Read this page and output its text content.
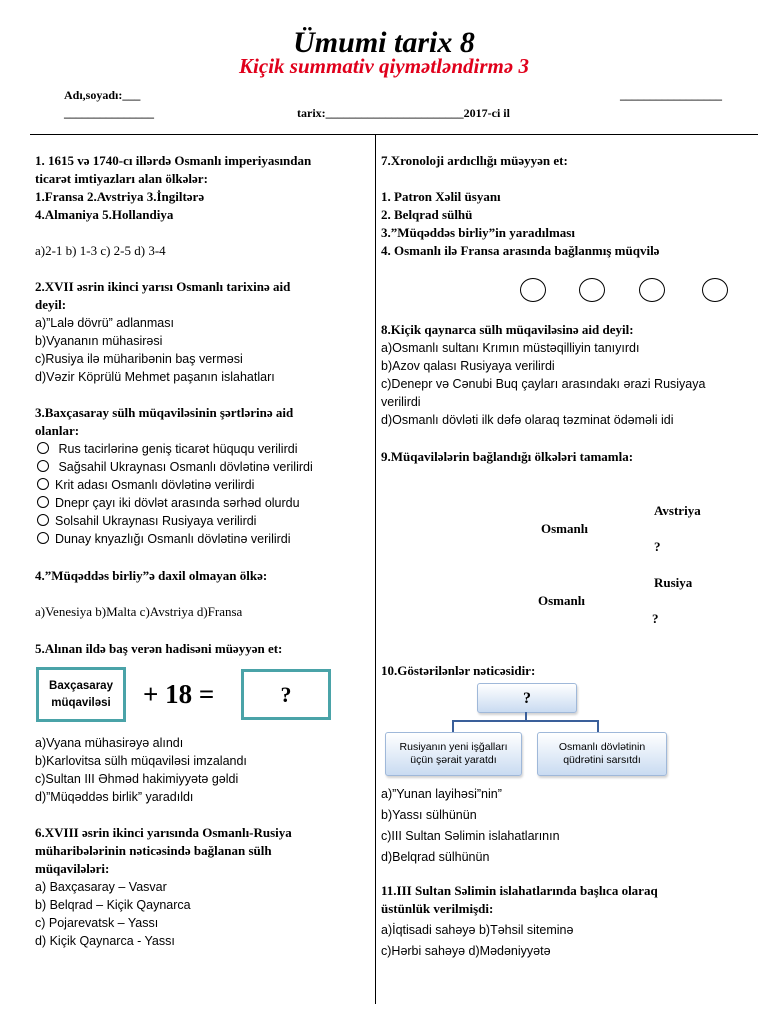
Ümumi tarix 8
Kiçik summativ qiymətləndirmə 3
Adı,soyadı:___	_________________
_______________	tarix:_______________________2017-ci il
1. 1615 və 1740-cı illərdə Osmanlı imperiyasından
ticarət imtiyazları alan ölkələr:
1.Fransa 2.Avstriya 3.İngiltərə
4.Almaniya 5.Hollandiya
a)2-1 b) 1-3 c) 2-5 d) 3-4
2.XVII əsrin ikinci yarısı Osmanlı tarixinə aid
deyil:
a)”Lalə dövrü” adlanması
b)Vyananın mühasirəsi
c)Rusiya ilə müharibənin baş verməsi
d)Vəzir Köprülü Mehmet paşanın islahatları
3.Baxçasaray sülh müqaviləsinin şərtlərinə aid
olanlar:
Rus tacirlərinə geniş ticarət hüququ verilirdi
Sağsahil Ukraynası Osmanlı dövlətinə verilirdi
Krit adası Osmanlı dövlətinə verilirdi
Dnepr çayı iki dövlət arasında sərhəd olurdu
Solsahil Ukraynası Rusiyaya verilirdi
Dunay knyazlığı Osmanlı dövlətinə verilirdi
4.”Müqəddəs birliy”ə daxil olmayan ölkə:
a)Venesiya b)Malta c)Avstriya d)Fransa
5.Alınan ildə baş verən hadisəni müəyyən et:
Baxçasaray
müqaviləsi + 18 =	?
a)Vyana mühasirəyə alındı
b)Karlovitsa sülh müqaviləsi imzalandı
c)Sultan III Əhməd hakimiyyətə gəldi
d)”Müqəddəs birlik” yaradıldı
6.XVIII əsrin ikinci yarısında Osmanlı-Rusiya
müharibələrinin nəticəsində bağlanan sülh
müqavilələri:
a) Baxçasaray – Vasvar
b) Belqrad – Kiçik Qaynarca
c) Pojarevatsk – Yassı
d) Kiçik Qaynarca - Yassı
7.Xronoloji ardıcllığı müəyyən et:
1. Patron Xəlil üsyanı
2. Belqrad sülhü
3.”Müqəddəs birliy”in yaradılması
4. Osmanlı ilə Fransa arasında bağlanmış müqvilə
8.Kiçik qaynarca sülh müqaviləsinə aid deyil:
a)Osmanlı sultanı Krımın müstəqilliyin tanıyırdı
b)Azov qalası Rusiyaya verilirdi
c)Denepr və Cənubi Buq çayları arasındakı ərazi Rusiyaya
verilirdi
d)Osmanlı dövləti ilk dəfə olaraq təzminat ödəməli idi
9.Müqavilələrin bağlandığı ölkələri tamamla:
Avstriya
Osmanlı
?
Rusiya
Osmanlı
?
10.Göstərilənlər nəticəsidir:
?
Rusiyanın yeni işğalları
üçün şərait yaratdı
Osmanlı dövlətinin
qüdrətini sarsıtdı
a)”Yunan layihəsi”nin”
b)Yassı sülhünün
c)III Sultan Səlimin islahatlarının
d)Belqrad sülhünün
11.III Sultan Səlimin islahatlarında başlıca olaraq
üstünlük verilmişdi:
a)İqtisadi sahəyə b)Təhsil siteminə
c)Hərbi sahəyə d)Mədəniyyətə
